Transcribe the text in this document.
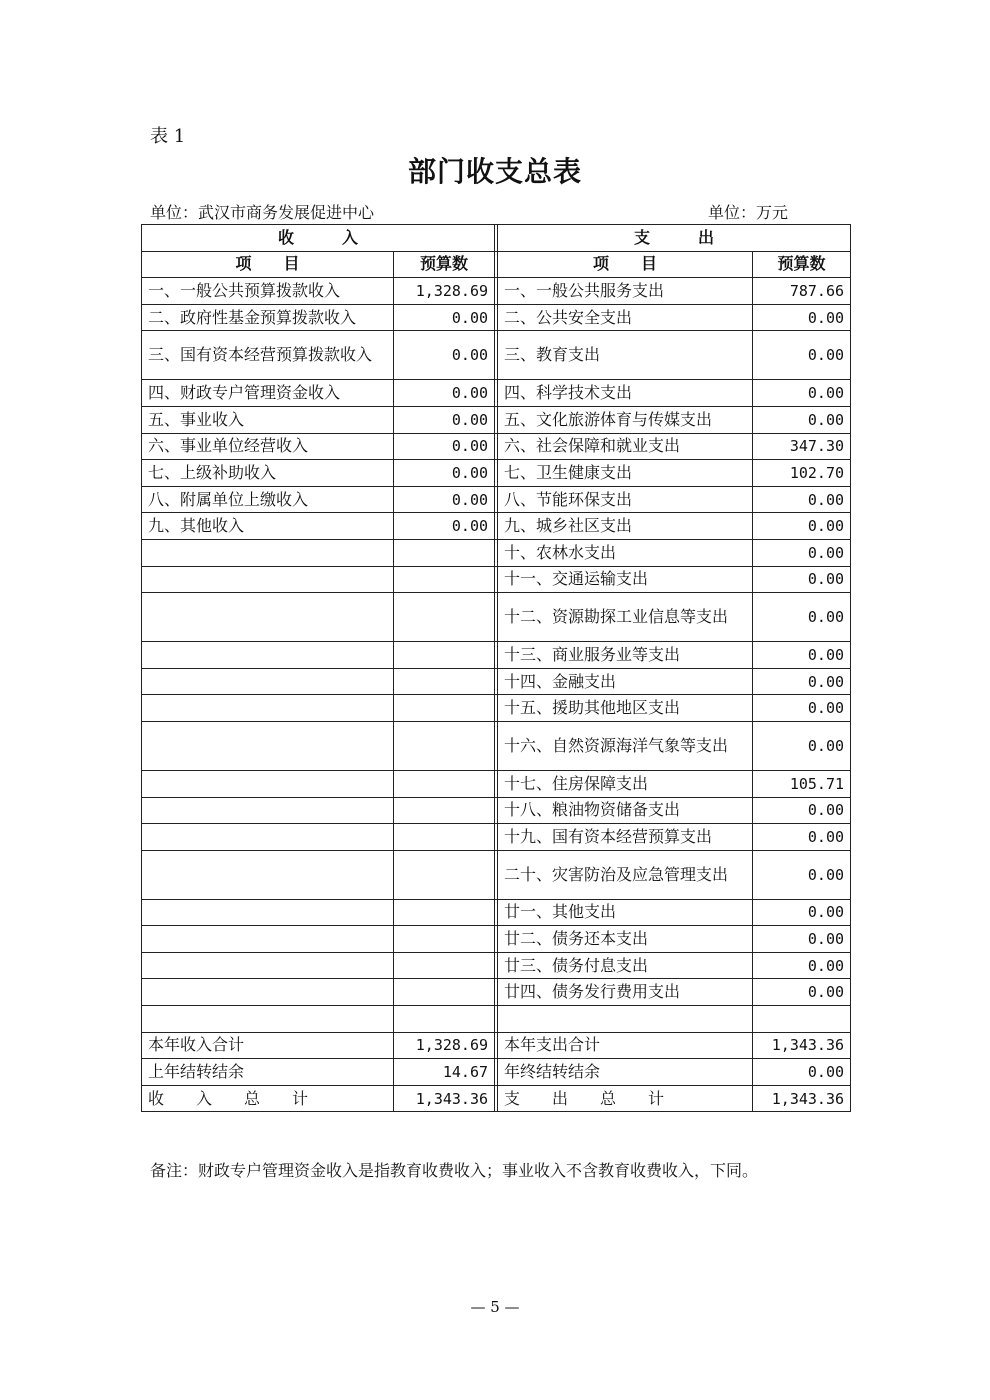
表 1
部门收支总表
单位：武汉市商务发展促进中心	单位：万元
收　　　入			支　　　出	
项　　目	预算数		项　　目	预算数
一、一般公共预算拨款收入	1,328.69		一、一般公共服务支出	787.66
二、政府性基金预算拨款收入	0.00		二、公共安全支出	0.00
三、国有资本经营预算拨款收入	0.00		三、教育支出	0.00
四、财政专户管理资金收入	0.00		四、科学技术支出	0.00
五、事业收入	0.00		五、文化旅游体育与传媒支出	0.00
六、事业单位经营收入	0.00		六、社会保障和就业支出	347.30
七、上级补助收入	0.00		七、卫生健康支出	102.70
八、附属单位上缴收入	0.00		八、节能环保支出	0.00
九、其他收入	0.00		九、城乡社区支出	0.00
			十、农林水支出	0.00
			十一、交通运输支出	0.00
			十二、资源勘探工业信息等支出	0.00
			十三、商业服务业等支出	0.00
			十四、金融支出	0.00
			十五、援助其他地区支出	0.00
			十六、自然资源海洋气象等支出	0.00
			十七、住房保障支出	105.71
			十八、粮油物资储备支出	0.00
			十九、国有资本经营预算支出	0.00
			二十、灾害防治及应急管理支出	0.00
			廿一、其他支出	0.00
			廿二、债务还本支出	0.00
			廿三、债务付息支出	0.00
			廿四、债务发行费用支出	0.00

本年收入合计	1,328.69		本年支出合计	1,343.36
上年结转结余	14.67		年终结转结余	0.00
收　　入　　总　　计	1,343.36		支　　出　　总　　计	1,343.36
备注：财政专户管理资金收入是指教育收费收入；事业收入不含教育收费收入，下同。
— 5 —
